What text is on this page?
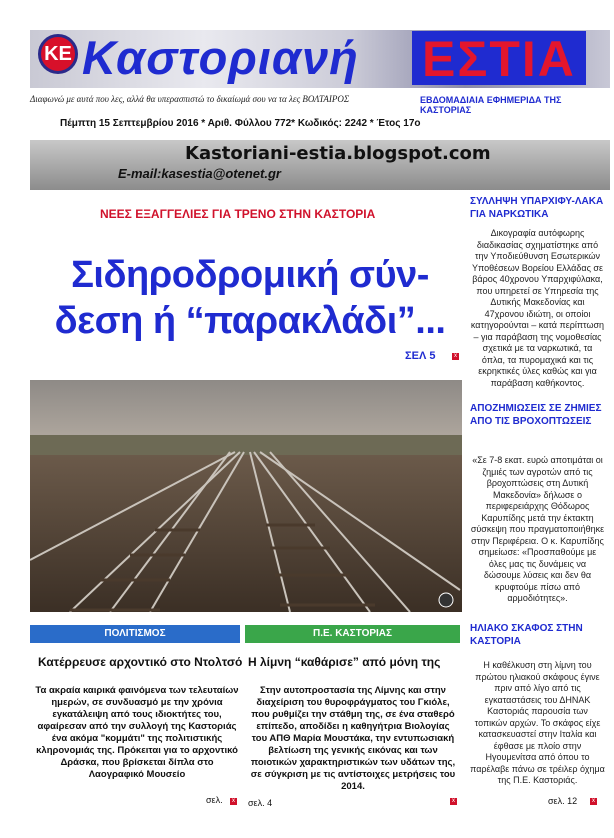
ΚΕ Καστοριανή ΕΣΤΙΑ
Διαφωνώ με αυτά που λες, αλλά θα υπερασπιστώ το δικαίωμά σου να τα λες ΒΟΛΤΑΙΡΟΣ	ΕΒΔΟΜΑΔΙΑΙΑ ΕΦΗΜΕΡΙΔΑ ΤΗΣ ΚΑΣΤΟΡΙΑΣ
Πέμπτη 15 Σεπτεμβρίου 2016 * Αριθ. Φύλλου 772* Κωδικός: 2242 * Έτος 17ο
Kastoriani-estia.blogspot.com
E-mail:kasestia@otenet.gr
ΝΕΕΣ ΕΞΑΓΓΕΛΙΕΣ ΓΙΑ ΤΡΕΝΟ ΣΤΗΝ ΚΑΣΤΟΡΙΑ
Σιδηροδρομική σύν-
δεση ή “παρακλάδι”...
ΣΕΛ 5	x
ΣΥΛΛΗΨΗ ΥΠΑΡΧΙΦΥ-ΛΑΚΑ ΓΙΑ ΝΑΡΚΩΤΙΚΑ
Δικογραφία αυτόφωρης διαδικασίας σχηματίστηκε από την Υποδιεύθυνση Εσωτερικών Υποθέσεων Βορείου Ελλάδας σε βάρος 40χρονου Υπαρχιφύλακα, που υπηρετεί σε Υπηρεσία της Δυτικής Μακεδονίας και 47χρονου ιδιώτη, οι οποίοι κατηγορούνται – κατά περίπτωση – για παράβαση της νομοθεσίας σχετικά με τα ναρκωτικά, τα όπλα, τα πυρομαχικά και τις εκρηκτικές ύλες καθώς και για παράβαση καθήκοντος.
ΑΠΟΖΗΜΙΩΣΕΙΣ ΣΕ ΖΗΜΙΕΣ ΑΠΟ ΤΙΣ ΒΡΟΧΟΠΤΩΣΕΙΣ
«Σε 7-8 εκατ. ευρώ αποτιμάται οι ζημιές των αγροτών από τις βροχοπτώσεις στη Δυτική Μακεδονία» δήλωσε ο περιφερειάρχης Θόδωρος Καρυπίδης μετά την έκτακτη σύσκεψη που πραγματοποιήθηκε στην Περιφέρεια. Ο κ. Καρυπίδης σημείωσε: «Προσπαθούμε με όλες μας τις δυνάμεις να δώσουμε λύσεις και δεν θα κρυφτούμε πίσω από αρμοδιότητες».
ΗΛΙΑΚΟ ΣΚΑΦΟΣ ΣΤΗΝ ΚΑΣΤΟΡΙΑ
Η καθέλκυση στη λίμνη του πρώτου ηλιακού σκάφους έγινε πριν από λίγο από τις εγκαταστάσεις του ΔΗΝΑΚ Καστοριάς παρουσία των τοπικών αρχών. Το σκάφος είχε κατασκευαστεί στην Ιταλία και έφθασε με πλοίο στην Ηγουμενίτσα από όπου το παρέλαβε πάνω σε τρέιλερ όχημα της Π.Ε. Καστοριάς.
σελ. 12	x
ΠΟΛΙΤΙΣΜΟΣ
Κατέρρευσε αρχοντικό στο Ντολτσό
Τα ακραία καιρικά φαινόμενα των τελευταίων ημερών, σε συνδυασμό με την χρόνια εγκατάλειψη από τους ιδιοκτήτες του, αφαίρεσαν από την συλλογή της Καστοριάς ένα ακόμα "κομμάτι" της πολιτιστικής κληρονομιάς της. Πρόκειται για το αρχοντικό Δράσκα, που βρίσκεται δίπλα στο Λαογραφικό Μουσείο
σελ.	x
Π.Ε. ΚΑΣΤΟΡΙΑΣ
Η λίμνη “καθάρισε” από μόνη της
Στην αυτοπροστασία της Λίμνης και στην διαχείριση του θυροφράγματος του Γκιόλε, που ρυθμίζει την στάθμη της, σε ένα σταθερό επίπεδο, αποδίδει η καθηγήτρια Βιολογίας του ΑΠΘ Μαρία Μουστάκα, την εντυπωσιακή βελτίωση της γενικής εικόνας και των ποιοτικών χαρακτηριστικών των υδάτων της, σε σύγκριση με τις αντίστοιχες μετρήσεις του 2014.
σελ. 4	x
